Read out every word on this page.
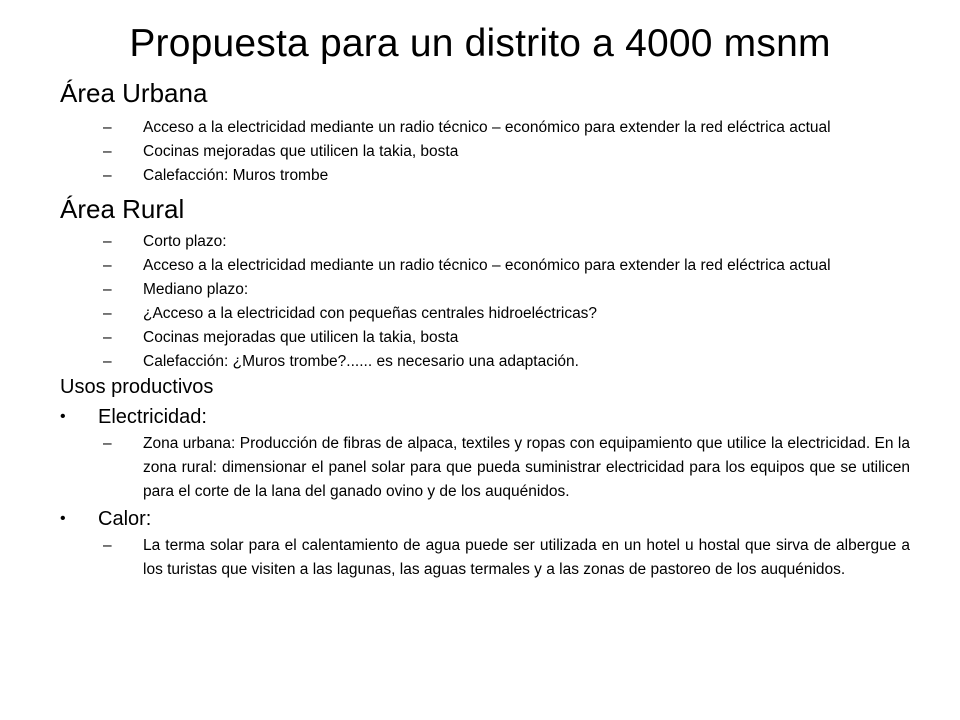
Propuesta para un distrito a 4000 msnm
Área Urbana
– Acceso a la electricidad mediante un radio técnico – económico para extender la red eléctrica actual
– Cocinas mejoradas que utilicen la takia, bosta
– Calefacción: Muros trombe
Área Rural
– Corto plazo:
– Acceso a la electricidad mediante un radio técnico – económico para extender la red eléctrica actual
– Mediano plazo:
– ¿Acceso a la electricidad con pequeñas centrales hidroeléctricas?
– Cocinas mejoradas que utilicen la takia, bosta
– Calefacción: ¿Muros trombe?...... es necesario una adaptación.
Usos productivos
• Electricidad:
– Zona urbana: Producción de fibras de alpaca, textiles y ropas con equipamiento que utilice la electricidad. En la zona rural: dimensionar el panel solar para que pueda suministrar electricidad para los equipos que se utilicen para el corte de la lana del ganado ovino y de los auquénidos.
• Calor:
– La terma solar para el calentamiento de agua puede ser utilizada en un hotel u hostal que sirva de albergue a los turistas que visiten a las lagunas, las aguas termales y a las zonas de pastoreo de los auquénidos.
